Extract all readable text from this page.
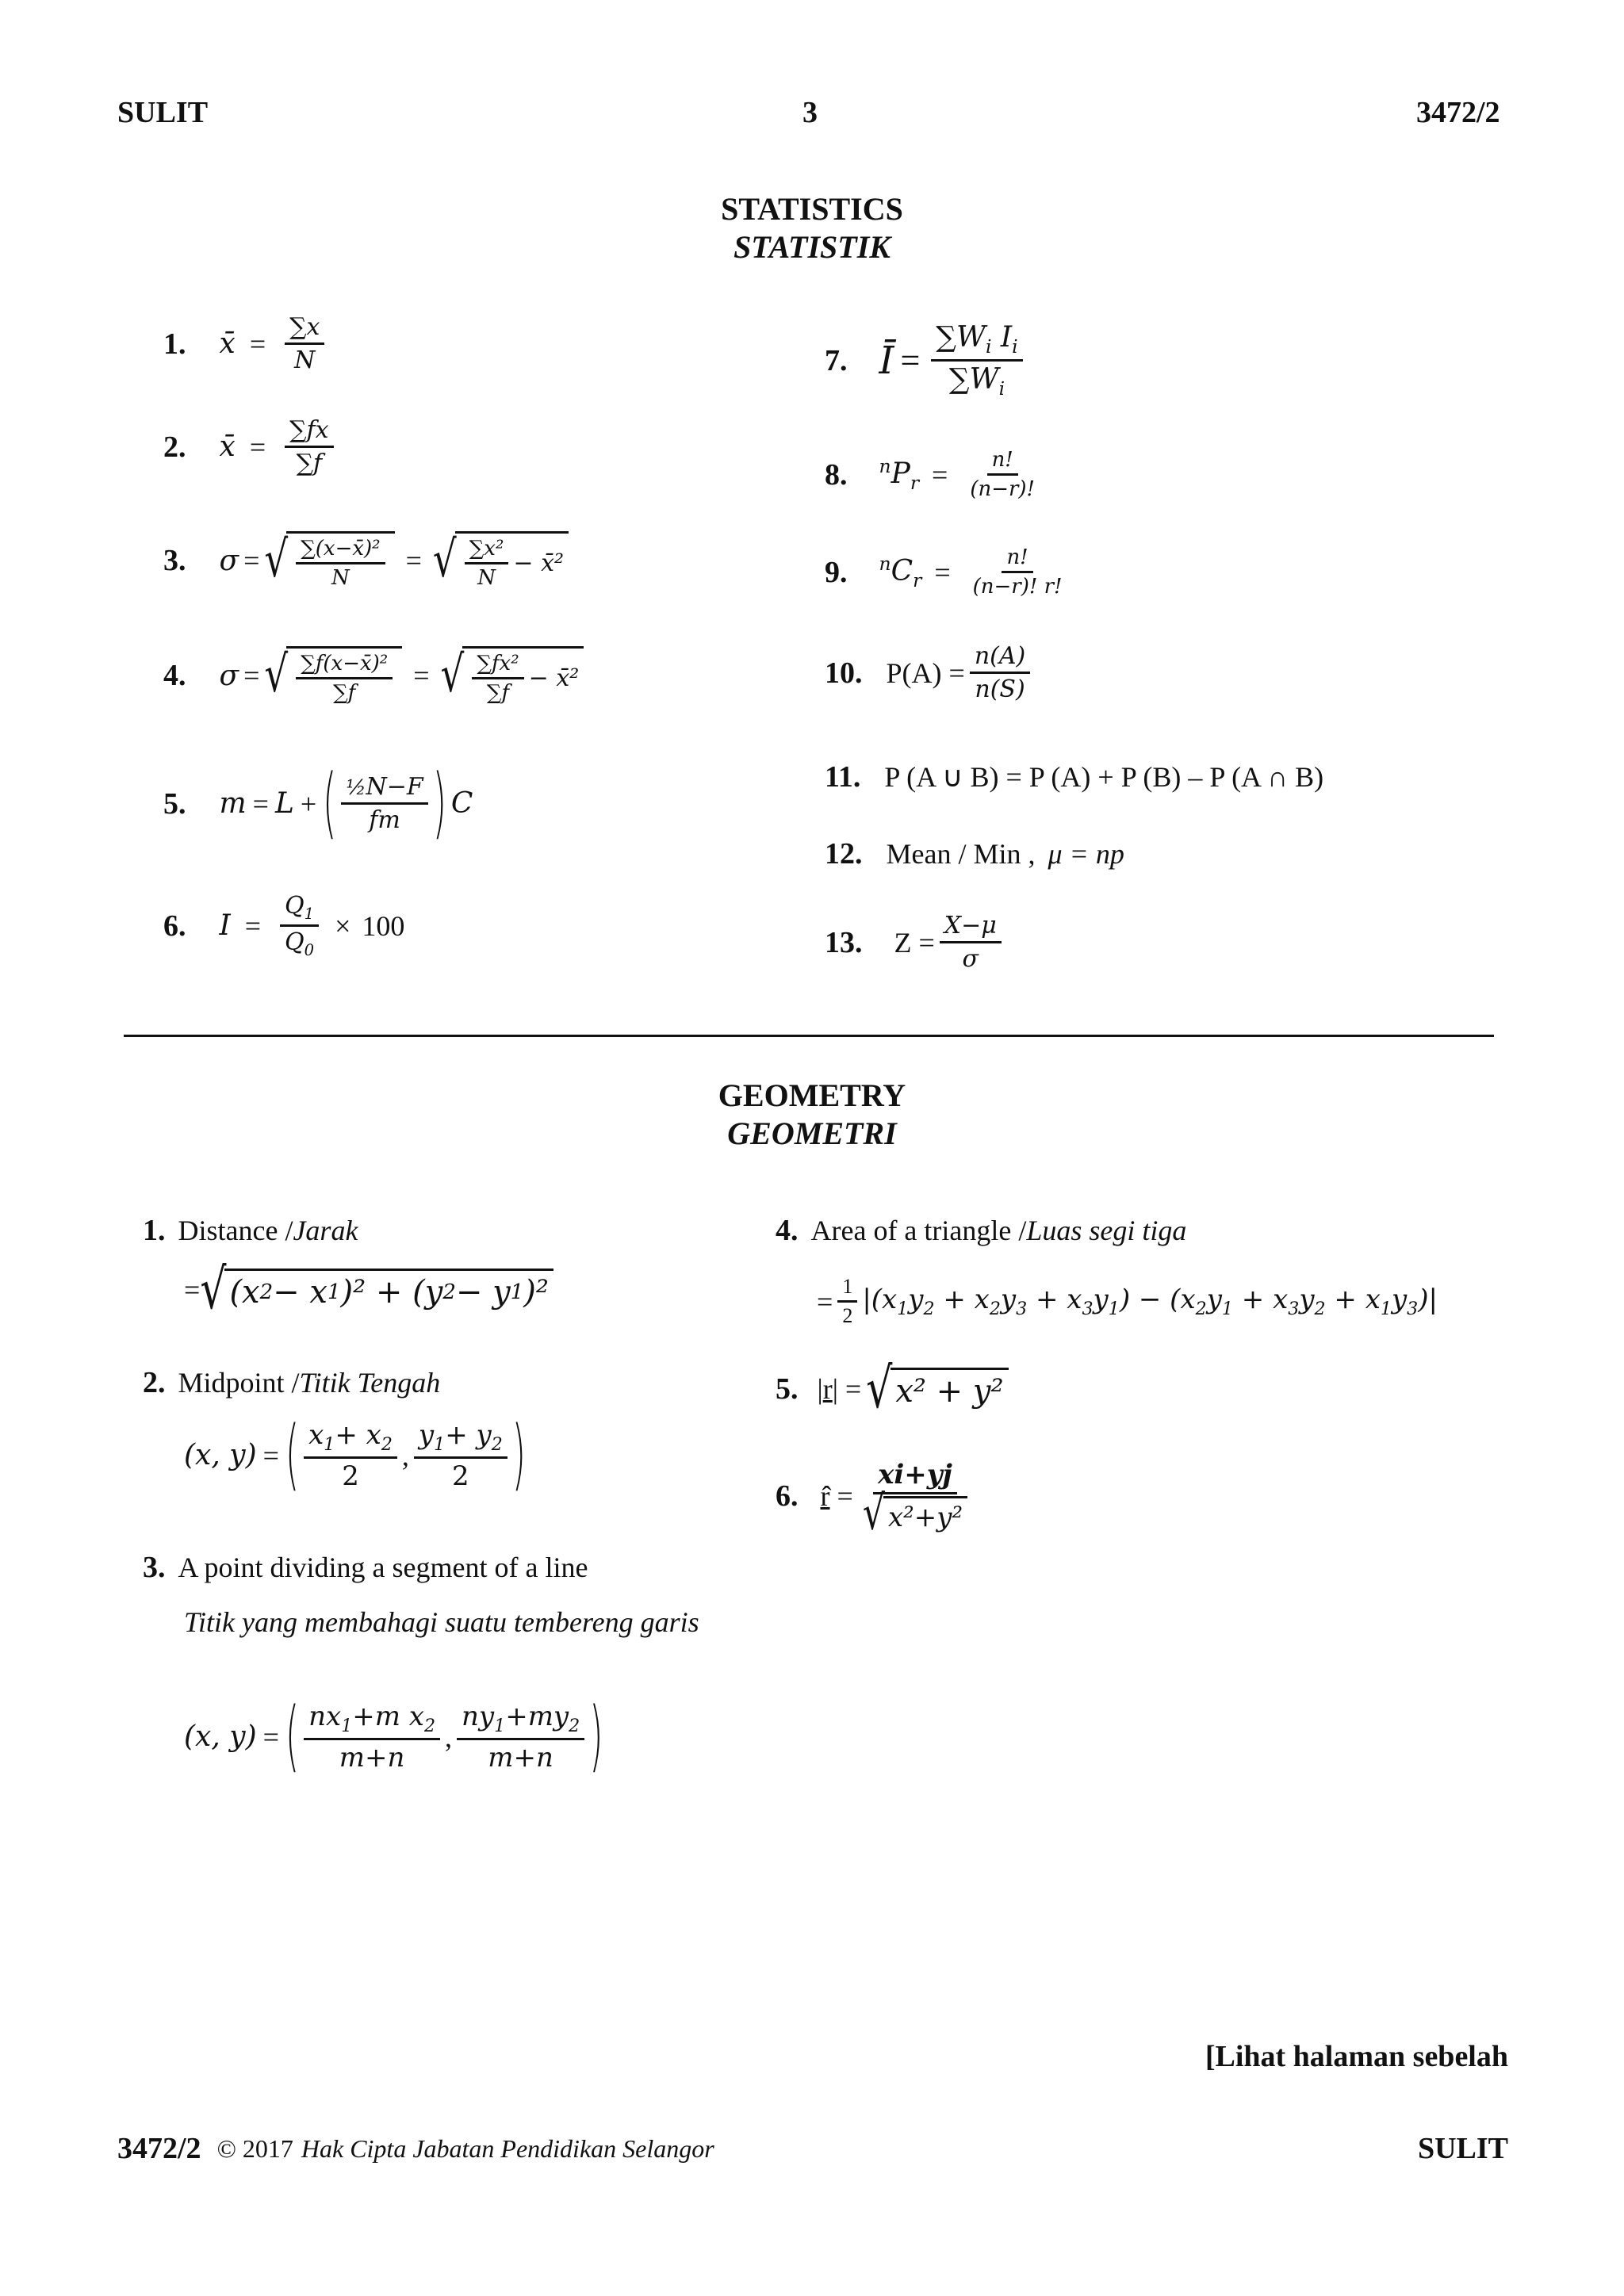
SULIT	3	3472/2
STATISTICS
STATISTIK
1. x̄ = $\frac{\sum x}{N}$
2. x̄ = $\frac{\sum fx}{\sum f}$
3. σ = √ $\frac{\text{∑(x−x̄)²}}{N}$ = √ $\frac{\text{∑x²}}{N}$ − x̄²
4. σ = √ $\frac{\text{∑f(x−x̄)²}}{\sum f}$ = √ $\frac{\text{∑fx²}}{\sum f}$ − x̄²
5. m = L + ( $\frac{\text{½N−F}}{fm}$ ) C
6. $I = \frac{Q_1}{Q_0} \times 100$
7. Ī = $\frac{\sum W_i I_i}{\sum W_i}$
8. $^nP_r = \frac{n!}{(n-r)!}$
9. $^nC_r = \frac{n!}{(n-r)! r!}$
10. $P(A) = \frac{n(A)}{n(S)}$
11. P (A ∪ B) = P (A) + P (B) – P (A ∩ B)
12. Mean / Min , μ = np
13. $Z = \frac{X-\mu}{\sigma}$
GEOMETRY
GEOMETRI
1. Distance / Jarak
= √ (x 2 − x 1 )² + (y 2 − y 1 )²
2. Midpoint / Titik Tengah
(x, y) = ( $\frac{x_1+ x_2}{2}$ , $\frac{y_1+ y_2}{2}$ )
3. A point dividing a segment of a line
Titik yang membahagi suatu tembereng garis
(x, y) = ( $\frac{nx_1+m x_2}{m+n}$ , $\frac{ny_1+my_2}{m+n}$ )
4. Area of a triangle / Luas segi tiga
= $\frac{1}{2} |(x_1y_2 + x_2y_3 + x_3y_1) - (x_2y_1 + x_3y_2 + x_1y_3)|$
5. |r| = √ x² + y²
6. r̂ = $\frac{xi+yj}{\text{√ x²+y²}}$
[Lihat halaman sebelah
3472/2 © 2017 Hak Cipta Jabatan Pendidikan Selangor	SULIT
